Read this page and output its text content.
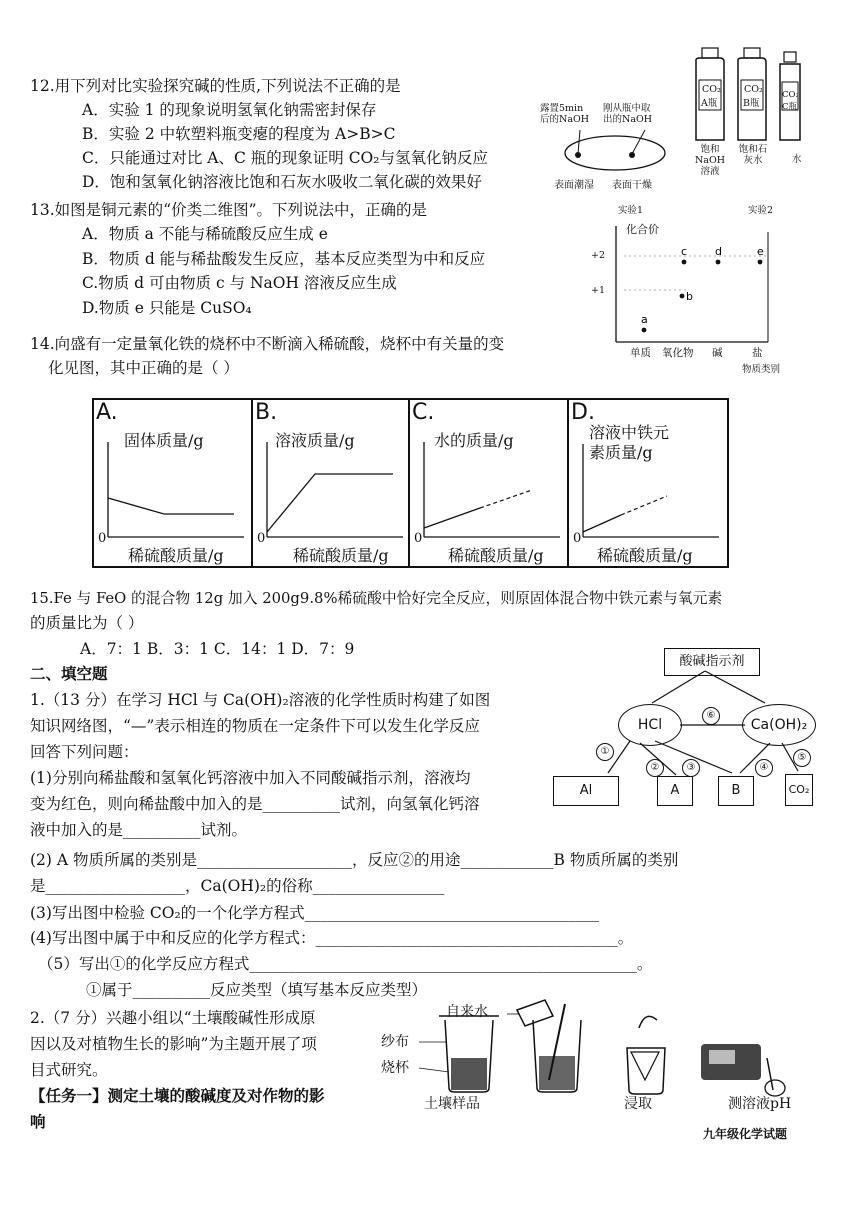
12.用下列对比实验探究碱的性质,下列说法不正确的是
A．实验 1 的现象说明氢氧化钠需密封保存
B．实验 2 中软塑料瓶变瘪的程度为 A>B>C
C．只能通过对比 A、C 瓶的现象证明 CO₂与氢氧化钠反应
D．饱和氢氧化钠溶液比饱和石灰水吸收二氧化碳的效果好
露置5min
后的NaOH
刚从瓶中取
出的NaOH
表面潮湿 表面干燥
实验1
CO₂
A瓶
CO₂
B瓶
CO₂
C瓶
饱和NaOH溶液
饱和石灰水	水
实验2
13.如图是铜元素的“价类二维图”。下列说法中，正确的是
A．物质 a 不能与稀硫酸反应生成 e
B．物质 d 能与稀盐酸发生反应，基本反应类型为中和反应
C.物质 d 可由物质 c 与 NaOH 溶液反应生成
D.物质 e 只能是 CuSO₄
a
b
c	d	e
化合价
+2
+1
单质 氧化物 碱	盐
物质类别
14.向盛有一定量氧化铁的烧杯中不断滴入稀硫酸，烧杯中有关量的变
化见图，其中正确的是（ ）
A.
固体质量/g
0
稀硫酸质量/g
B.
溶液质量/g
0
稀硫酸质量/g
C.
水的质量/g
0
稀硫酸质量/g
D.
溶液中铁元
素质量/g
0
稀硫酸质量/g
15.Fe 与 FeO 的混合物 12g 加入 200g9.8%稀硫酸中恰好完全反应，则原固体混合物中铁元素与氧元素
的质量比为（ ）
A．7：1 B．3：1 C．14：1 D．7：9
二、填空题
1.（13 分）在学习 HCl 与 Ca(OH)₂溶液的化学性质时构建了如图
知识网络图，“—”表示相连的物质在一定条件下可以发生化学反应
回答下列问题：
(1)分别向稀盐酸和氢氧化钙溶液中加入不同酸碱指示剂，溶液均
变为红色，则向稀盐酸中加入的是__________试剂，向氢氧化钙溶
液中加入的是__________试剂。
(2) A 物质所属的类别是____________________，反应②的用途____________B 物质所属的类别
是__________________，Ca(OH)₂的俗称_________________
(3)写出图中检验 CO₂的一个化学方程式______________________________________
(4)写出图中属于中和反应的化学方程式：_______________________________________。
（5）写出①的化学反应方程式__________________________________________________。
①属于__________反应类型（填写基本反应类型）
酸碱指示剂
HCl	Ca(OH)₂
Al	A	B	CO₂
⑥
①
②	③	④
⑤
2.（7 分）兴趣小组以“土壤酸碱性形成原
因以及对植物生长的影响”为主题开展了项
目式研究。
【任务一】测定土壤的酸碱度及对作物的影
响
自来水
纱布
烧杯
土壤样品	浸取	测溶液pH
九年级化学试题
